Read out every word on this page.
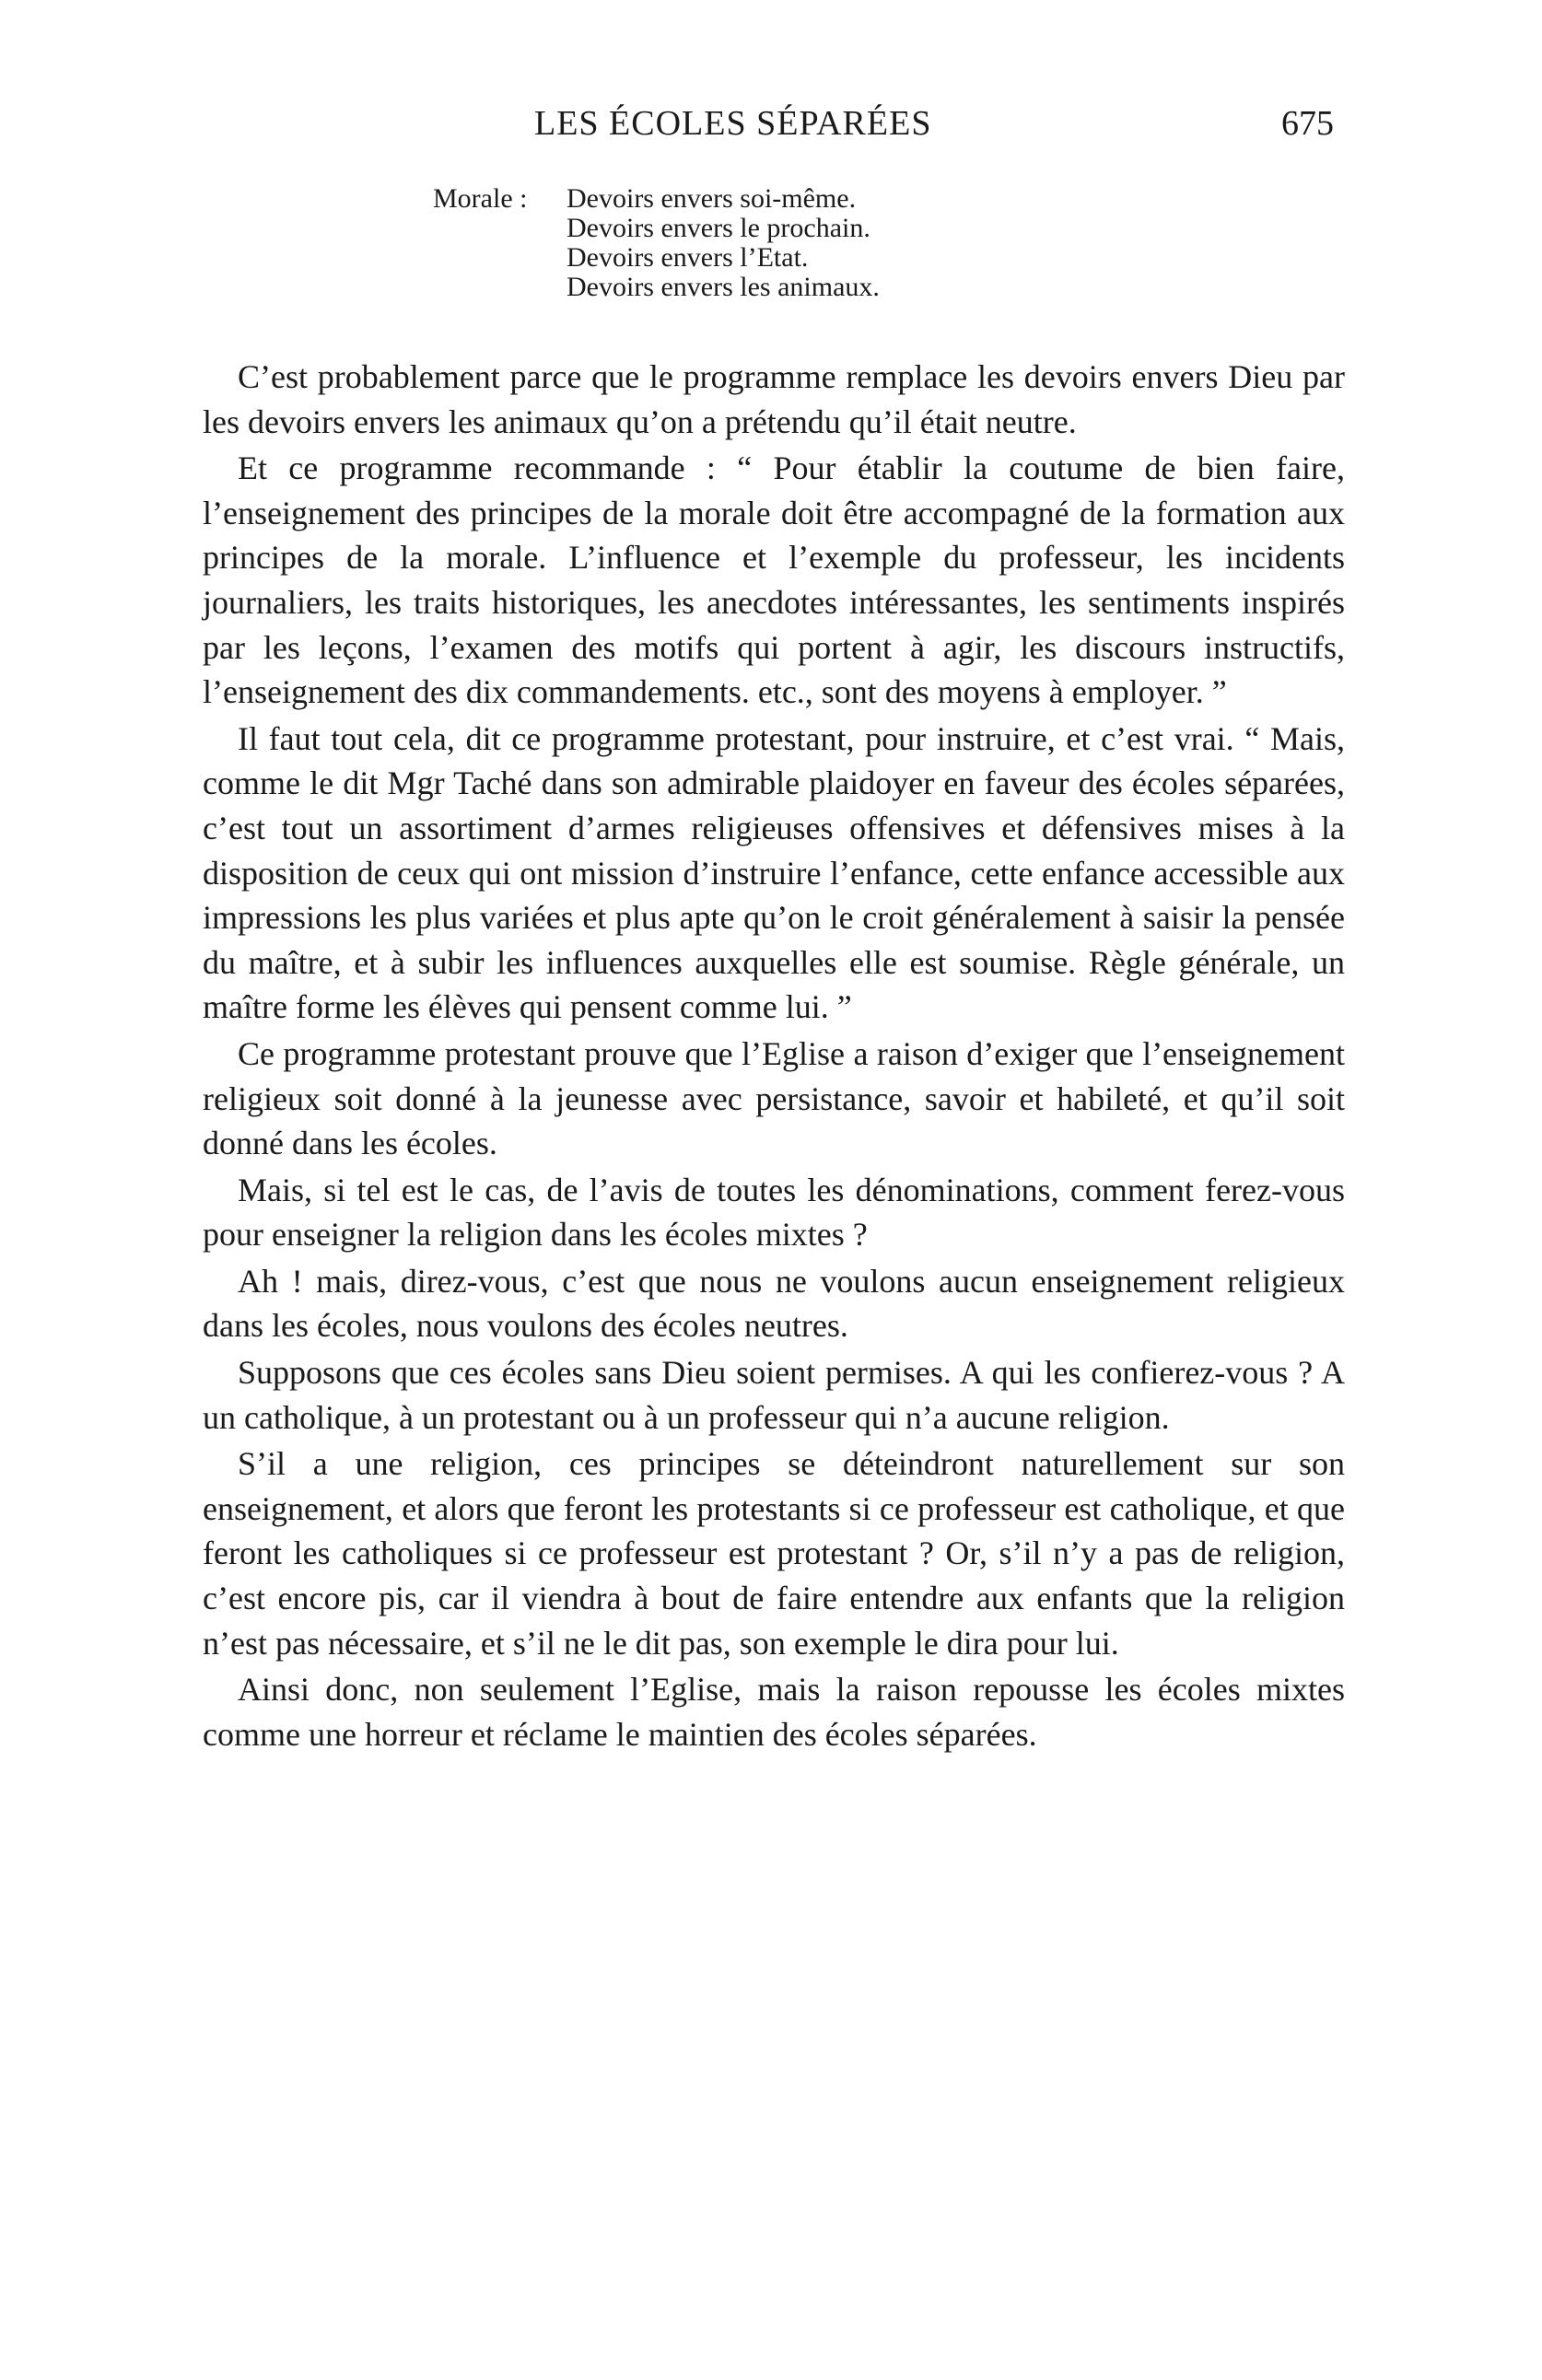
LES ÉCOLES SÉPARÉES	675
Morale :	Devoirs envers soi-même.
Devoirs envers le prochain.
Devoirs envers l’Etat.
Devoirs envers les animaux.

C’est probablement parce que le programme remplace les devoirs envers Dieu par les devoirs envers les animaux qu’on a prétendu qu’il était neutre.

Et ce programme recommande : “ Pour établir la coutume de bien faire, l’enseignement des principes de la morale doit être accompagné de la formation aux principes de la morale. L’influence et l’exemple du professeur, les incidents journaliers, les traits historiques, les anecdotes intéressantes, les sentiments inspirés par les leçons, l’examen des motifs qui portent à agir, les discours instructifs, l’enseignement des dix commandements. etc., sont des moyens à employer. ”

Il faut tout cela, dit ce programme protestant, pour instruire, et c’est vrai. “ Mais, comme le dit Mgr Taché dans son admirable plaidoyer en faveur des écoles séparées, c’est tout un assortiment d’armes religieuses offensives et défensives mises à la disposition de ceux qui ont mission d’instruire l’enfance, cette enfance accessible aux impressions les plus variées et plus apte qu’on le croit généralement à saisir la pensée du maître, et à subir les influences auxquelles elle est soumise. Règle générale, un maître forme les élèves qui pensent comme lui. ”

Ce programme protestant prouve que l’Eglise a raison d’exiger que l’enseignement religieux soit donné à la jeunesse avec persistance, savoir et habileté, et qu’il soit donné dans les écoles.

Mais, si tel est le cas, de l’avis de toutes les dénominations, comment ferez-vous pour enseigner la religion dans les écoles mixtes ?

Ah ! mais, direz-vous, c’est que nous ne voulons aucun enseignement religieux dans les écoles, nous voulons des écoles neutres.

Supposons que ces écoles sans Dieu soient permises. A qui les confierez-vous ? A un catholique, à un protestant ou à un professeur qui n’a aucune religion.

S’il a une religion, ces principes se déteindront naturellement sur son enseignement, et alors que feront les protestants si ce professeur est catholique, et que feront les catholiques si ce professeur est protestant ? Or, s’il n’y a pas de religion, c’est encore pis, car il viendra à bout de faire entendre aux enfants que la religion n’est pas nécessaire, et s’il ne le dit pas, son exemple le dira pour lui.

Ainsi donc, non seulement l’Eglise, mais la raison repousse les écoles mixtes comme une horreur et réclame le maintien des écoles séparées.
